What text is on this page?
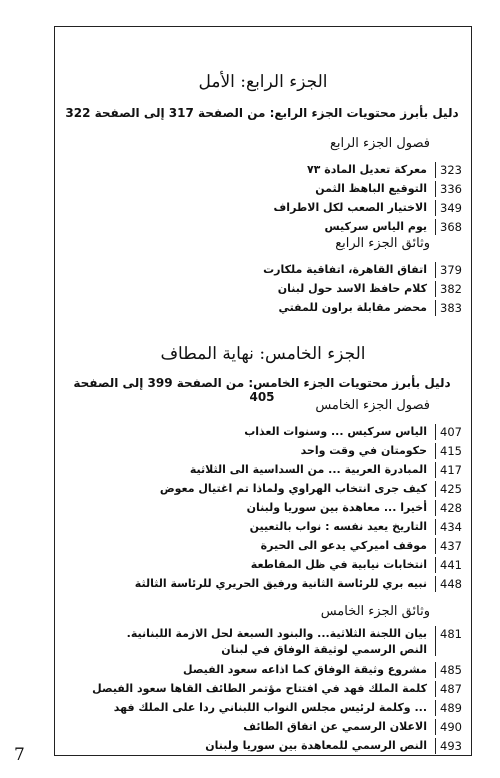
الجزء الرابع: الأمل
دليل بأبرز محتويات الجزء الرابع: من الصفحة 317 إلى الصفحة 322
فصول الجزء الرابع
323
معركة تعديل المادة ٧٣
336
التوقيع الباهظ الثمن
349
الاختيار الصعب لكل الاطراف
368
يوم الياس سركيس
وثائق الجزء الرابع
379
اتفاق القاهرة، اتفاقية ملكارت
382
كلام حافظ الاسد حول لبنان
383
محضر مقابلة براون للمفتي
الجزء الخامس: نهاية المطاف
دليل بأبرز محتويات الجزء الخامس: من الصفحة 399 إلى الصفحة 405
فصول الجزء الخامس
407
الياس سركيس ... وسنوات العذاب
415
حكومتان في وقت واحد
417
المبادرة العربية ... من السداسية الى الثلاثية
425
كيف جرى انتخاب الهراوي ولماذا تم اغتيال معوض
428
أخيرا ... معاهدة بين سوريا ولبنان
434
التاريخ يعيد نفسه : نواب بالتعيين
437
موقف اميركي يدعو الى الحيرة
441
انتخابات نيابية في ظل المقاطعة
448
نبيه بري للرئاسة الثانية ورفيق الحريري للرئاسة الثالثة
وثائق الجزء الخامس
481
بيان اللجنة الثلاثية... والبنود السبعة لحل الازمة اللبنانية. النص الرسمي لوثيقة الوفاق في لبنان
485
مشروع وثيقة الوفاق كما اذاعه سعود الفيصل
487
كلمة الملك فهد في افتتاح مؤتمر الطائف القاها سعود الفيصل
489
... وكلمة لرئيس مجلس النواب اللبناني ردا على الملك فهد
490
الاعلان الرسمي عن اتفاق الطائف
493
النص الرسمي للمعاهدة بين سوريا ولبنان
7
